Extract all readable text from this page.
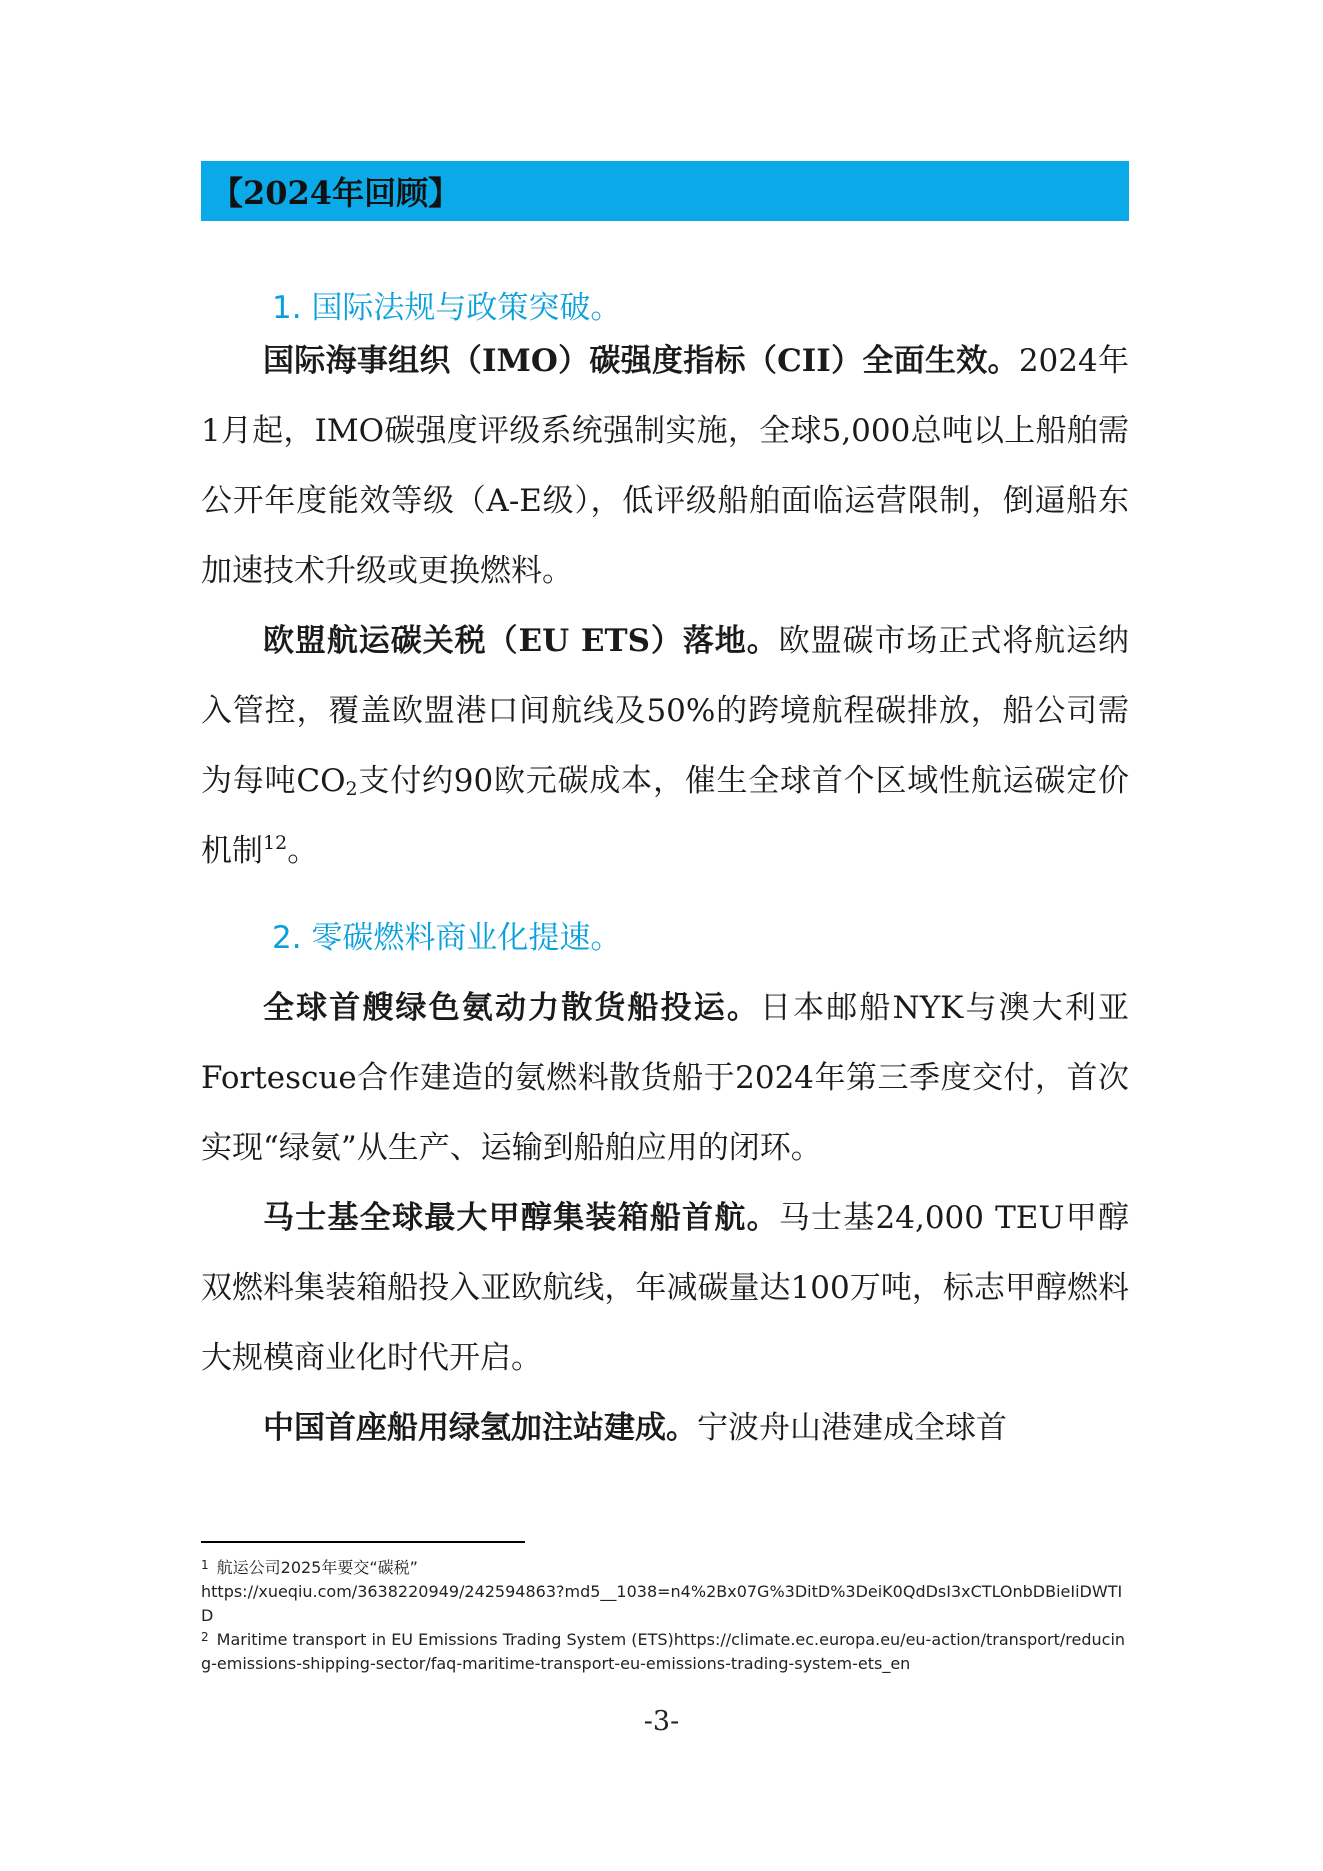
【2024年回顾】
1. 国际法规与政策突破。

国际海事组织（IMO）碳强度指标（CII）全面生效。2024年1月起，IMO碳强度评级系统强制实施，全球5,000总吨以上船舶需公开年度能效等级（A-E级），低评级船舶面临运营限制，倒逼船东加速技术升级或更换燃料。

欧盟航运碳关税（EU ETS）落地。欧盟碳市场正式将航运纳入管控，覆盖欧盟港口间航线及50%的跨境航程碳排放，船公司需为每吨$CO_2$支付约90欧元碳成本，催生全球首个区域性航运碳定价机制$^{12}$。

2. 零碳燃料商业化提速。

全球首艘绿色氨动力散货船投运。日本邮船NYK与澳大利亚Fortescue合作建造的氨燃料散货船于2024年第三季度交付，首次实现“绿氨”从生产、运输到船舶应用的闭环。

马士基全球最大甲醇集装箱船首航。马士基24,000 TEU甲醇双燃料集装箱船投入亚欧航线，年减碳量达100万吨，标志甲醇燃料大规模商业化时代开启。

中国首座船用绿氢加注站建成。宁波舟山港建成全球首

$^1$ 航运公司2025年要交“碳税”
https://xueqiu.com/3638220949/242594863?md5__1038=n4%2Bx07G%3DitD%3DeiK0QdDsI3xCTLOnbDBieIiDWTID
$^2$ Maritime transport in EU Emissions Trading System (ETS)https://climate.ec.europa.eu/eu-action/transport/reducing-emissions-shipping-sector/faq-maritime-transport-eu-emissions-trading-system-ets_en
-3-
